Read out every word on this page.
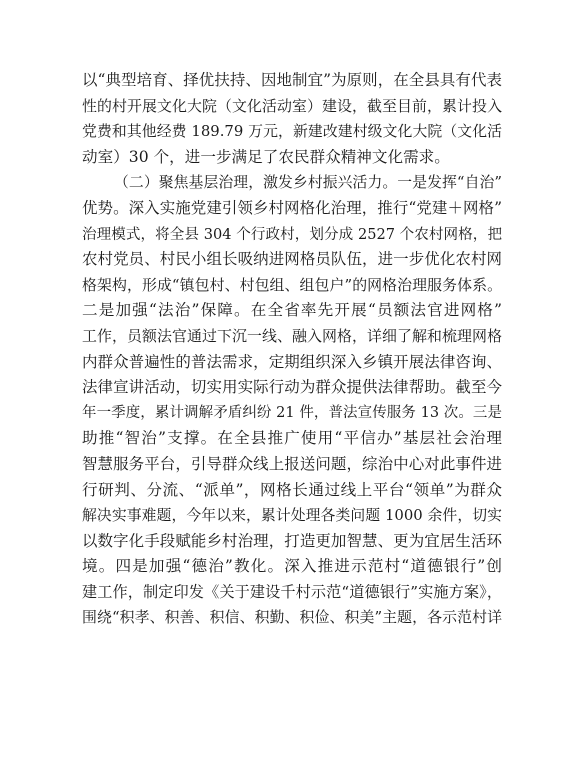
以“典型培育、择优扶持、因地制宜”为原则，在全县具有代表
性的村开展文化大院（文化活动室）建设，截至目前，累计投入
党费和其他经费 189.79 万元，新建改建村级文化大院（文化活
动室）30 个，进一步满足了农民群众精神文化需求。
（二）聚焦基层治理，激发乡村振兴活力。一是发挥“自治”
优势。深入实施党建引领乡村网格化治理，推行“党建＋网格”
治理模式，将全县 304 个行政村，划分成 2527 个农村网格，把
农村党员、村民小组长吸纳进网格员队伍，进一步优化农村网
格架构，形成“镇包村、村包组、组包户”的网格治理服务体系。
二是加强“法治”保障。在全省率先开展“员额法官进网格”
工作，员额法官通过下沉一线、融入网格，详细了解和梳理网格
内群众普遍性的普法需求，定期组织深入乡镇开展法律咨询、
法律宣讲活动，切实用实际行动为群众提供法律帮助。截至今
年一季度，累计调解矛盾纠纷 21 件，普法宣传服务 13 次。三是
助推“智治”支撑。在全县推广使用“平信办”基层社会治理
智慧服务平台，引导群众线上报送问题，综治中心对此事件进
行研判、分流、“派单”，网格长通过线上平台“领单”为群众
解决实事难题，今年以来，累计处理各类问题 1000 余件，切实
以数字化手段赋能乡村治理，打造更加智慧、更为宜居生活环
境。四是加强“德治”教化。深入推进示范村“道德银行”创
建工作，制定印发《关于建设千村示范“道德银行”实施方案》，
围绕“积孝、积善、积信、积勤、积俭、积美”主题，各示范村详
